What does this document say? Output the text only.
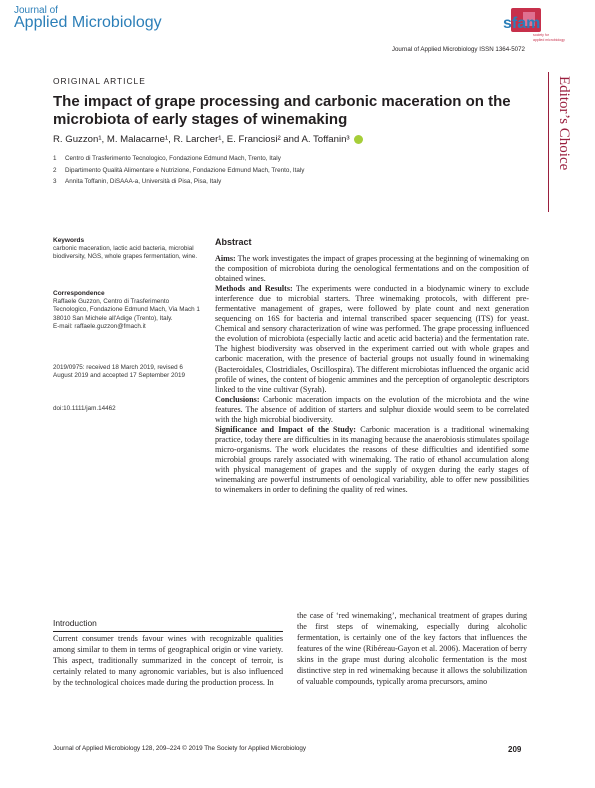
Journal of
Applied Microbiology	sfam
society for
applied microbiology
Journal of Applied Microbiology ISSN 1364-5072
ORIGINAL ARTICLE
The impact of grape processing and carbonic maceration on the microbiota of early stages of winemaking
R. Guzzon¹, M. Malacarne¹, R. Larcher¹, E. Franciosi² and A. Toffanin³
1 Centro di Trasferimento Tecnologico, Fondazione Edmund Mach, Trento, Italy
2 Dipartimento Qualità Alimentare e Nutrizione, Fondazione Edmund Mach, Trento, Italy
3 Annita Toffanin, DiSAAA-a, Università di Pisa, Pisa, Italy
Editor’s Choice
Keywords
carbonic maceration, lactic acid bacteria, microbial biodiversity, NGS, whole grapes fermentation, wine.
Correspondence
Raffaele Guzzon, Centro di Trasferimento Tecnologico, Fondazione Edmund Mach, Via Mach 1 38010 San Michele all'Adige (Trento), Italy.
E-mail: raffaele.guzzon@fmach.it
2019/0975: received 18 March 2019, revised 6 August 2019 and accepted 17 September 2019
doi:10.1111/jam.14462
Abstract

Aims: The work investigates the impact of grapes processing at the beginning of winemaking on the composition of microbiota during the oenological fermentations and on the composition of obtained wines.

Methods and Results: The experiments were conducted in a biodynamic winery to exclude interference due to microbial starters. Three winemaking protocols, with different pre-fermentative management of grapes, were followed by plate count and next generation sequencing on 16S for bacteria and internal transcribed spacer sequencing (ITS) for yeast. Chemical and sensory characterization of wine was performed. The grape processing influenced the evolution of microbiota (especially lactic and acetic acid bacteria) and the fermentation rate. The highest biodiversity was observed in the experiment carried out with whole grapes and carbonic maceration, with the presence of bacterial groups not usually found in winemaking (Bacteroidales, Clostridiales, Oscillospira). The different microbiotas influenced the organic acid profile of wines, the content of biogenic ammines and the perception of organoleptic descriptors linked to the vine cultivar (Syrah).

Conclusions: Carbonic maceration impacts on the evolution of the microbiota and the wine features. The absence of addition of starters and sulphur dioxide would seem to be correlated with the high microbial biodiversity.

Significance and Impact of the Study: Carbonic maceration is a traditional winemaking practice, today there are difficulties in its managing because the anaerobiosis stimulates spoilage micro-organisms. The work elucidates the reasons of these difficulties and identified some microbial groups rarely associated with winemaking. The ratio of ethanol accumulation along with physical management of grapes and the supply of oxygen during the early stages of winemaking are powerful instruments of oenological variability, able to offer new possibilities to winemakers in order to defining the quality of red wines.

Introduction

Current consumer trends favour wines with recognizable qualities among similar to them in terms of geographical origin or vine variety. This aspect, traditionally summarized in the concept of terroir, is certainly related to many agronomic variables, but is also influenced by the technological choices made during the production process. In

the case of ‘red winemaking’, mechanical treatment of grapes during the first steps of winemaking, especially during alcoholic fermentation, is certainly one of the key factors that influences the features of the wine (Ribéreau-Gayon et al. 2006). Maceration of berry skins in the grape must during alcoholic fermentation is the most distinctive step in red winemaking because it allows the solubilization of valuable compounds, typically aroma precursors, amino

Journal of Applied Microbiology 128, 209–224 © 2019 The Society for Applied Microbiology	209
